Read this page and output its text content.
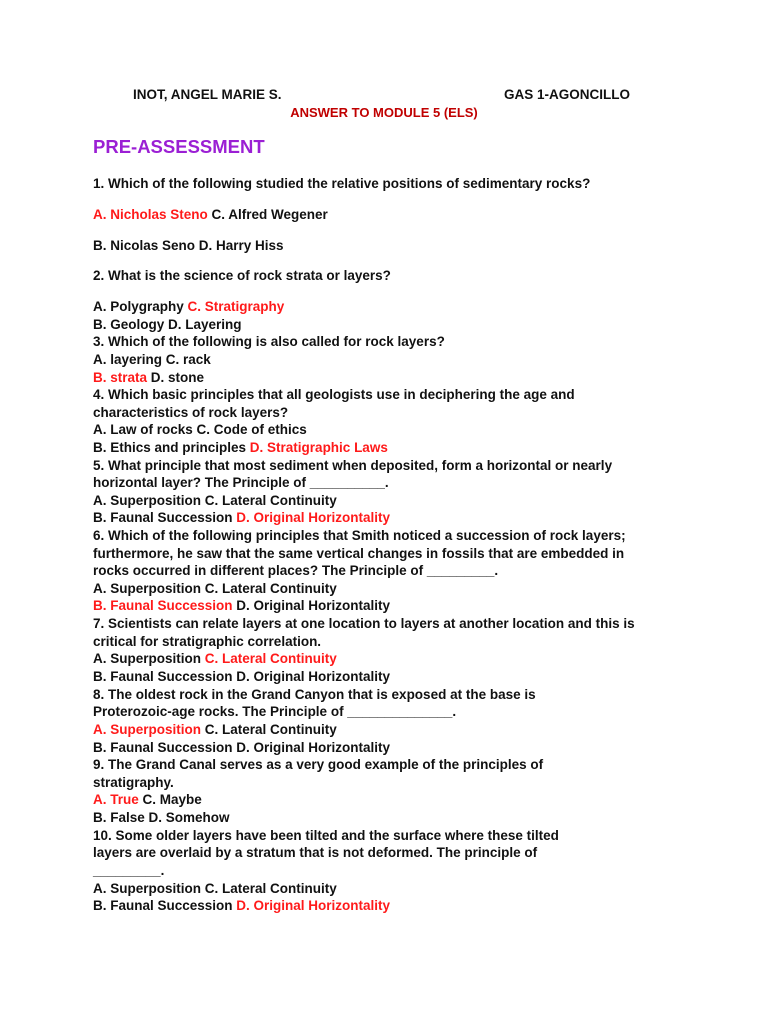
INOT, ANGEL MARIE S.	GAS 1-AGONCILLO
ANSWER TO MODULE 5 (ELS)
PRE-ASSESSMENT
1. Which of the following studied the relative positions of sedimentary rocks?
A. Nicholas Steno C. Alfred Wegener
B. Nicolas Seno D. Harry Hiss
2. What is the science of rock strata or layers?
A. Polygraphy C. Stratigraphy
B. Geology D. Layering
3. Which of the following is also called for rock layers?
A. layering C. rack
B. strata D. stone
4. Which basic principles that all geologists use in deciphering the age and
characteristics of rock layers?
A. Law of rocks C. Code of ethics
B. Ethics and principles D. Stratigraphic Laws
5. What principle that most sediment when deposited, form a horizontal or nearly
horizontal layer? The Principle of __________.
A. Superposition C. Lateral Continuity
B. Faunal Succession D. Original Horizontality
6. Which of the following principles that Smith noticed a succession of rock layers;
furthermore, he saw that the same vertical changes in fossils that are embedded in
rocks occurred in different places? The Principle of _________.
A. Superposition C. Lateral Continuity
B. Faunal Succession D. Original Horizontality
7. Scientists can relate layers at one location to layers at another location and this is
critical for stratigraphic correlation.
A. Superposition C. Lateral Continuity
B. Faunal Succession D. Original Horizontality
8. The oldest rock in the Grand Canyon that is exposed at the base is
Proterozoic-age rocks. The Principle of ______________.
A. Superposition C. Lateral Continuity
B. Faunal Succession D. Original Horizontality
9. The Grand Canal serves as a very good example of the principles of
stratigraphy.
A. True C. Maybe
B. False D. Somehow
10. Some older layers have been tilted and the surface where these tilted
layers are overlaid by a stratum that is not deformed. The principle of
_________.
A. Superposition C. Lateral Continuity
B. Faunal Succession D. Original Horizontality
